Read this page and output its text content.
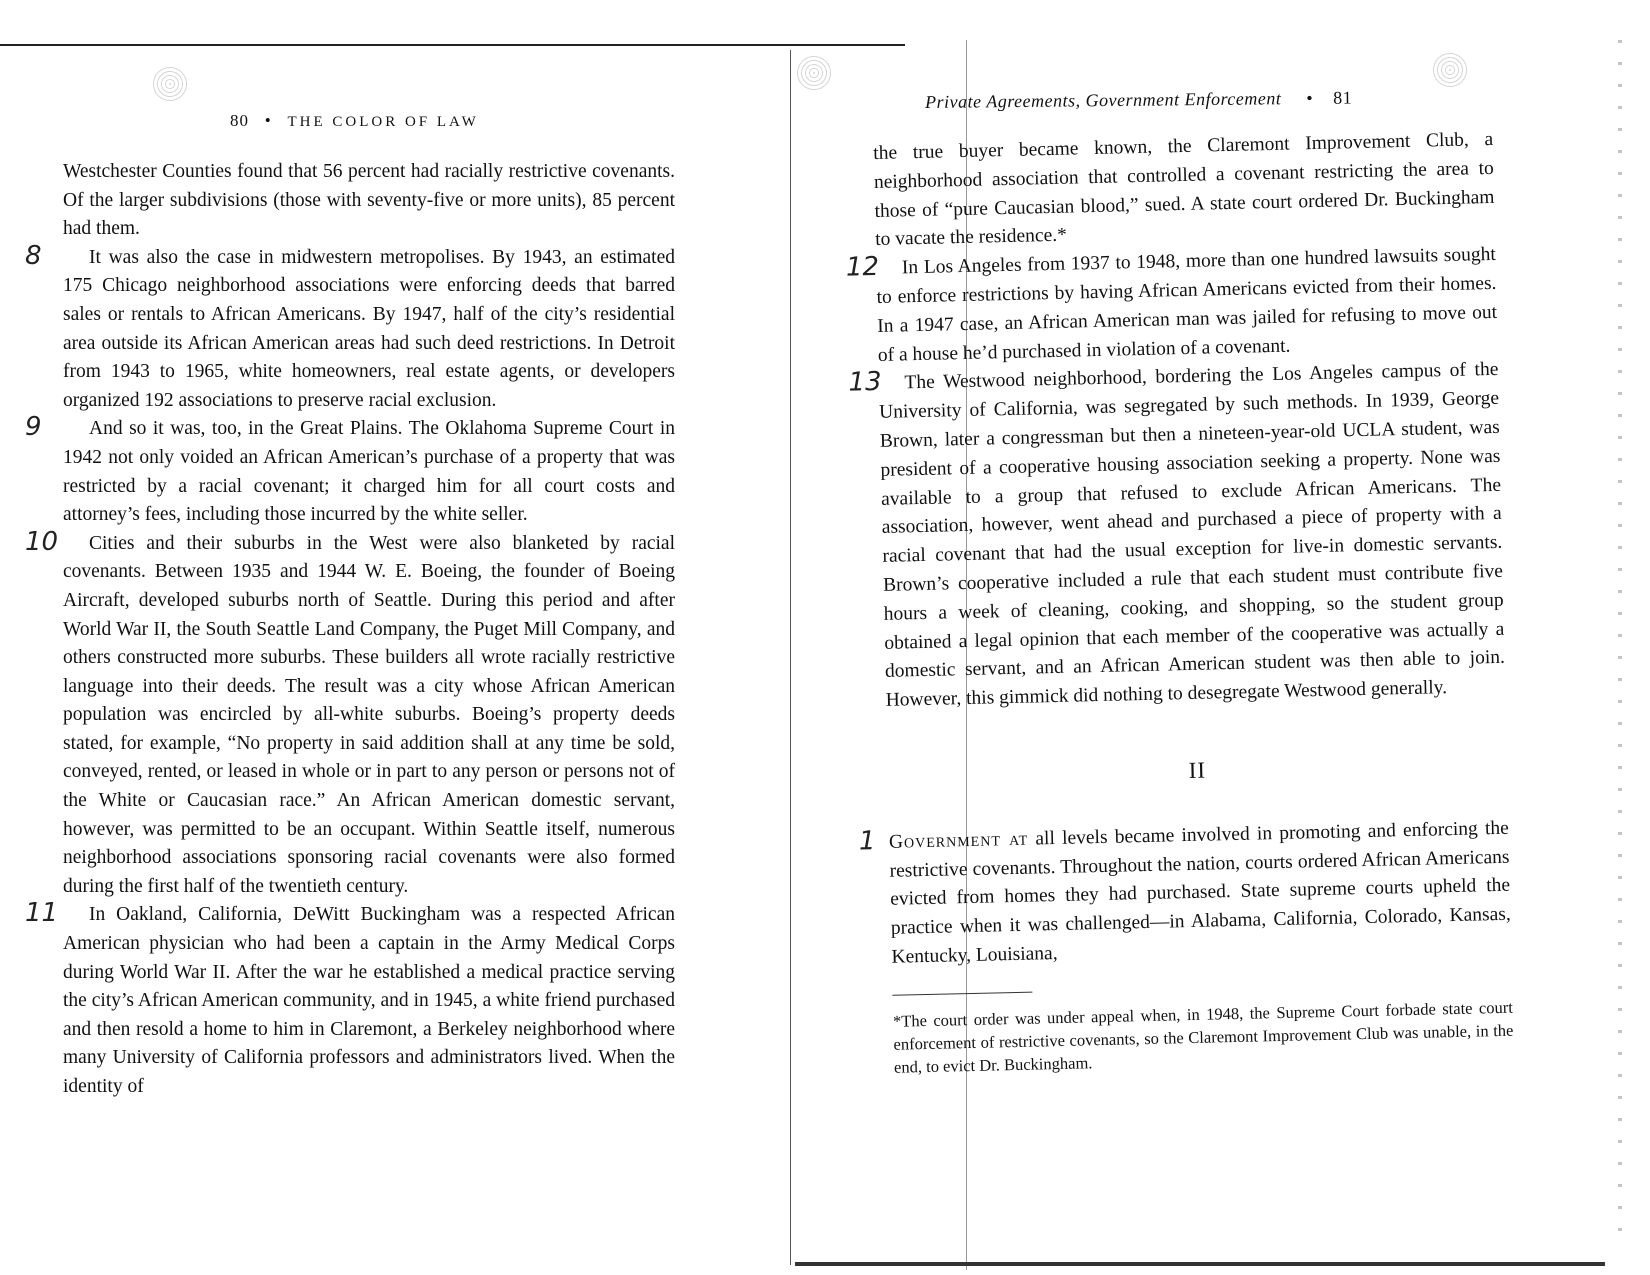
80 • THE COLOR OF LAW
Private Agreements, Government Enforcement • 81

Westchester Counties found that 56 percent had racially restrictive covenants. Of the larger subdivisions (those with seventy-five or more units), 85 percent had them.

8	It was also the case in midwestern metropolises. By 1943, an estimated 175 Chicago neighborhood associations were enforcing deeds that barred sales or rentals to African Americans. By 1947, half of the city’s residential area outside its African American areas had such deed restrictions. In Detroit from 1943 to 1965, white homeowners, real estate agents, or developers organized 192 associations to preserve racial exclusion.

9	And so it was, too, in the Great Plains. The Oklahoma Supreme Court in 1942 not only voided an African American’s purchase of a property that was restricted by a racial covenant; it charged him for all court costs and attorney’s fees, including those incurred by the white seller.

10	Cities and their suburbs in the West were also blanketed by racial covenants. Between 1935 and 1944 W. E. Boeing, the founder of Boeing Aircraft, developed suburbs north of Seattle. During this period and after World War II, the South Seattle Land Company, the Puget Mill Company, and others constructed more suburbs. These builders all wrote racially restrictive language into their deeds. The result was a city whose African American population was encircled by all-white suburbs. Boeing’s property deeds stated, for example, “No property in said addition shall at any time be sold, conveyed, rented, or leased in whole or in part to any person or persons not of the White or Caucasian race.” An African American domestic servant, however, was permitted to be an occupant. Within Seattle itself, numerous neighborhood associations sponsoring racial covenants were also formed during the first half of the twentieth century.

11	In Oakland, California, DeWitt Buckingham was a respected African American physician who had been a captain in the Army Medical Corps during World War II. After the war he established a medical practice serving the city’s African American community, and in 1945, a white friend purchased and then resold a home to him in Claremont, a Berkeley neighborhood where many University of California professors and administrators lived. When the identity of

the true buyer became known, the Claremont Improvement Club, a neighborhood association that controlled a covenant restricting the area to those of “pure Caucasian blood,” sued. A state court ordered Dr. Buckingham to vacate the residence.*

12	In Los Angeles from 1937 to 1948, more than one hundred lawsuits sought to enforce restrictions by having African Americans evicted from their homes. In a 1947 case, an African American man was jailed for refusing to move out of a house he’d purchased in violation of a covenant.

13	The Westwood neighborhood, bordering the Los Angeles campus of the University of California, was segregated by such methods. In 1939, George Brown, later a congressman but then a nineteen-year-old UCLA student, was president of a cooperative housing association seeking a property. None was available to a group that refused to exclude African Americans. The association, however, went ahead and purchased a piece of property with a racial covenant that had the usual exception for live-in domestic servants. Brown’s cooperative included a rule that each student must contribute five hours a week of cleaning, cooking, and shopping, so the student group obtained a legal opinion that each member of the cooperative was actually a domestic servant, and an African American student was then able to join. However, this gimmick did nothing to desegregate Westwood generally.

II
1 Government at all levels became involved in promoting and enforcing the restrictive covenants. Throughout the nation, courts ordered African Americans evicted from homes they had purchased. State supreme courts upheld the practice when it was challenged—in Alabama, California, Colorado, Kansas, Kentucky, Louisiana,

*The court order was under appeal when, in 1948, the Supreme Court forbade state court enforcement of restrictive covenants, so the Claremont Improvement Club was unable, in the end, to evict Dr. Buckingham.
